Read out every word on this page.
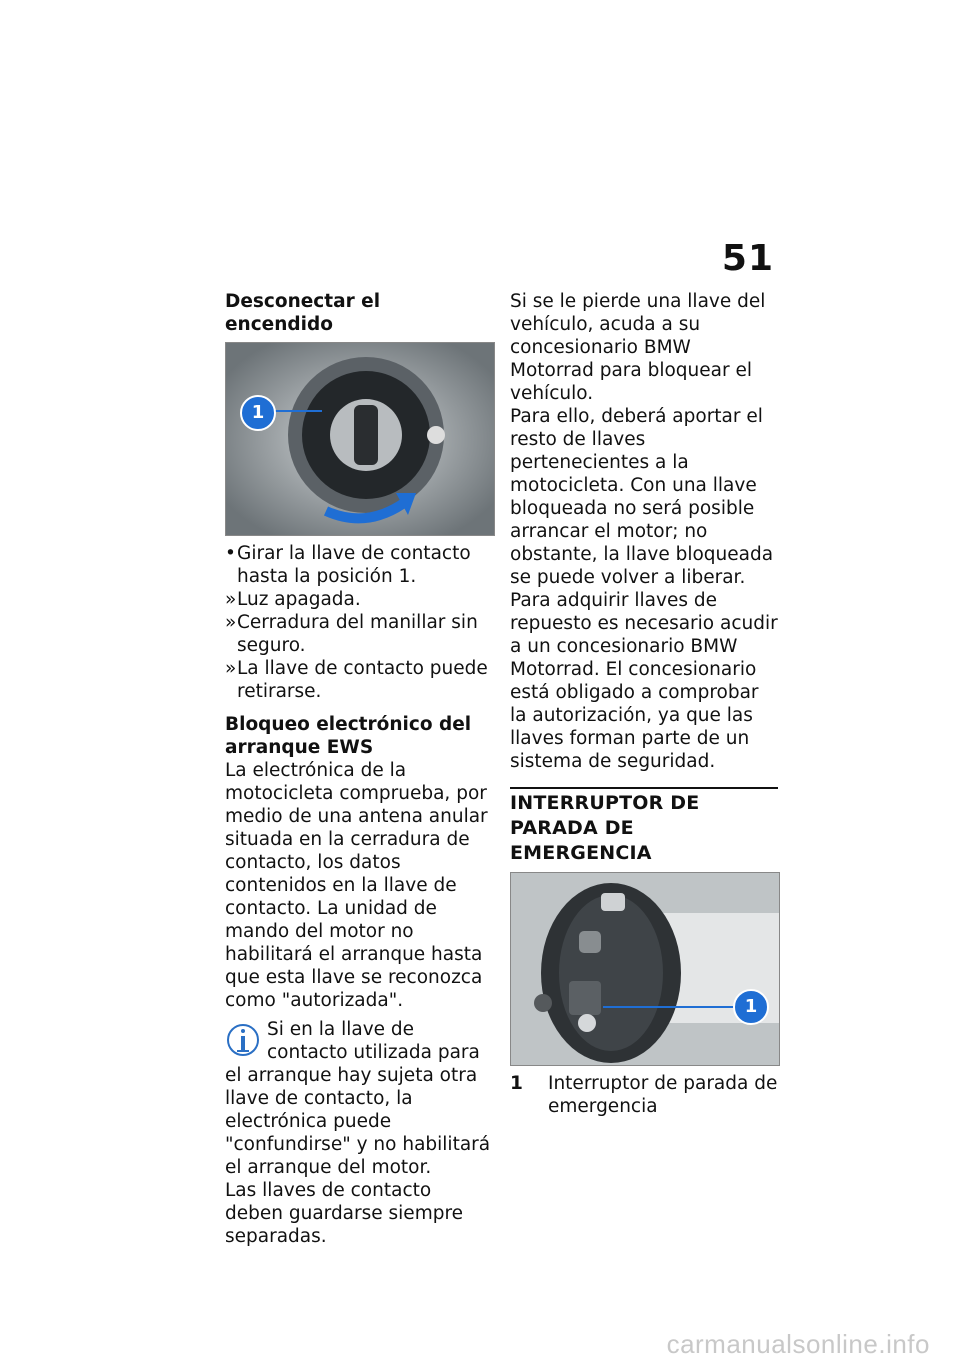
51

Desconectar el encendido

1
• Girar la llave de contacto hasta la posición 1.
» Luz apagada.
» Cerradura del manillar sin seguro.
» La llave de contacto puede retirarse.

Bloqueo electrónico del arranque EWS

La electrónica de la motocicleta comprueba, por medio de una antena anular situada en la cerradura de contacto, los datos contenidos en la llave de contacto. La unidad de mando del motor no habilitará el arranque hasta que esta llave se reconozca como "autorizada".

Si en la llave de contacto utilizada para el arranque hay sujeta otra llave de contacto, la electrónica puede "confundirse" y no habilitará el arranque del motor.

Las llaves de contacto deben guardarse siempre separadas.

Si se le pierde una llave del vehículo, acuda a su concesionario BMW Motorrad para bloquear el vehículo.

Para ello, deberá aportar el resto de llaves pertenecientes a la motocicleta. Con una llave bloqueada no será posible arrancar el motor; no obstante, la llave bloqueada se puede volver a liberar.

Para adquirir llaves de repuesto es necesario acudir a un concesionario BMW Motorrad. El concesionario está obligado a comprobar la autorización, ya que las llaves forman parte de un sistema de seguridad.

INTERRUPTOR DE PARADA DE EMERGENCIA
1
1	Interruptor de parada de emergencia
carmanualsonline.info
